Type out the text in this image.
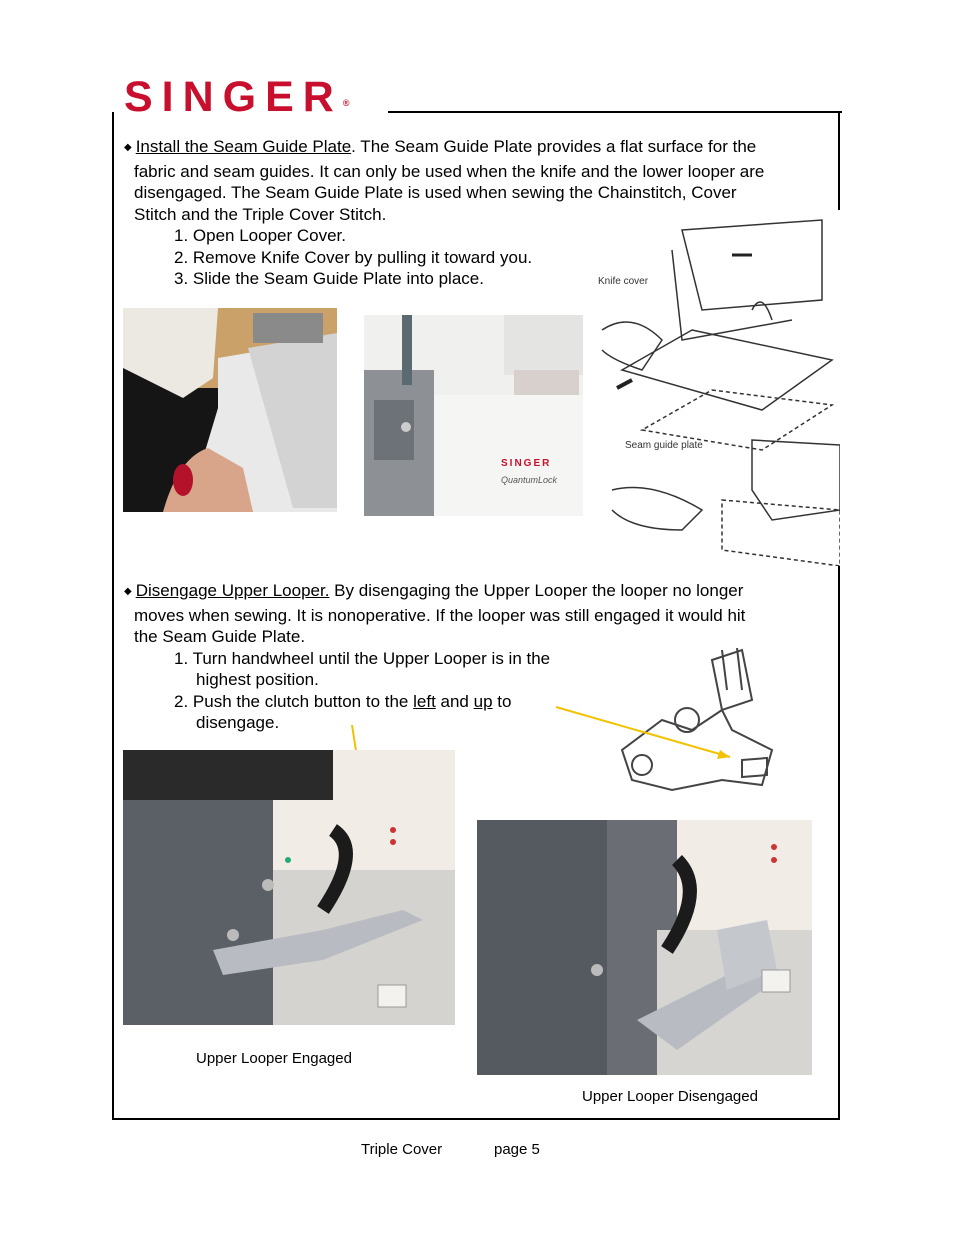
SINGER®
◆ Install the Seam Guide Plate. The Seam Guide Plate provides a flat surface for the
fabric and seam guides. It can only be used when the knife and the lower looper are
disengaged. The Seam Guide Plate is used when sewing the Chainstitch, Cover
Stitch and the Triple Cover Stitch.
1. Open Looper Cover.
2. Remove Knife Cover by pulling it toward you.
3. Slide the Seam Guide Plate into place.
SINGER
QuantumLock
Knife cover
Seam guide plate
◆ Disengage Upper Looper. By disengaging the Upper Looper the looper no longer
moves when sewing. It is nonoperative. If the looper was still engaged it would hit
the Seam Guide Plate.
1. Turn handwheel until the Upper Looper is in the
highest position.
2. Push the clutch button to the left and up to
disengage.
Upper Looper Engaged
Upper Looper Disengaged
Triple Cover	page 5
